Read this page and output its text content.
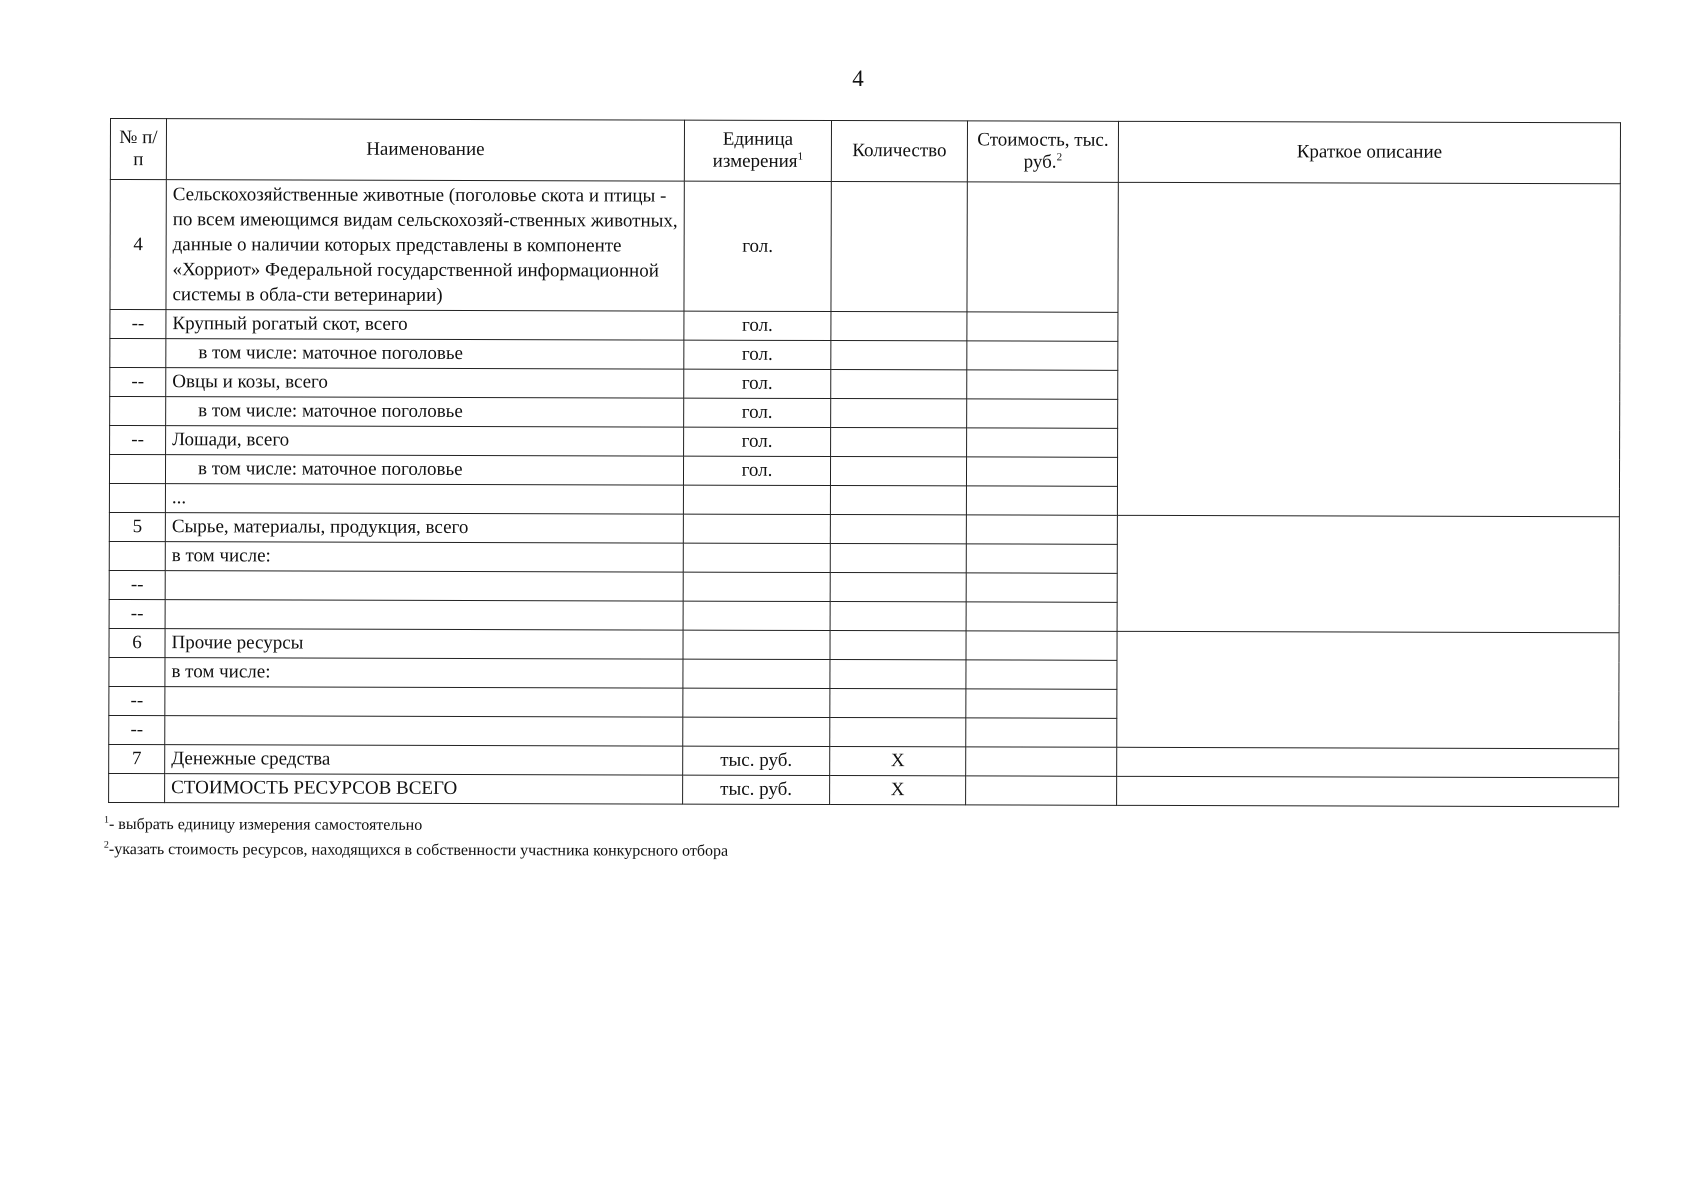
4
№ п/п	Наименование	Единица измерения$^1$	Количество	Стоимость, тыс. руб.$^2$	Краткое описание
4	Сельскохозяйственные животные (поголовье скота и птицы - по всем имеющимся видам сельскохозяй-ственных животных, данные о наличии которых представлены в компоненте «Хорриот» Федеральной государственной информационной системы в обла-сти ветеринарии)	гол.			
--	Крупный рогатый скот, всего	гол.			
	в том числе: маточное поголовье	гол.			
--	Овцы и козы, всего	гол.			
	в том числе: маточное поголовье	гол.			
--	Лошади, всего	гол.			
	в том числе: маточное поголовье	гол.			
	...				
5	Сырье, материалы, продукция, всего				
	в том числе:				
--					
--					
6	Прочие ресурсы				
	в том числе:				
--					
--					
7	Денежные средства	тыс. руб.	Х		
	СТОИМОСТЬ РЕСУРСОВ ВСЕГО	тыс. руб.	Х		
$^1$- выбрать единицу измерения самостоятельно
$^2$-указать стоимость ресурсов, находящихся в собственности участника конкурсного отбора
